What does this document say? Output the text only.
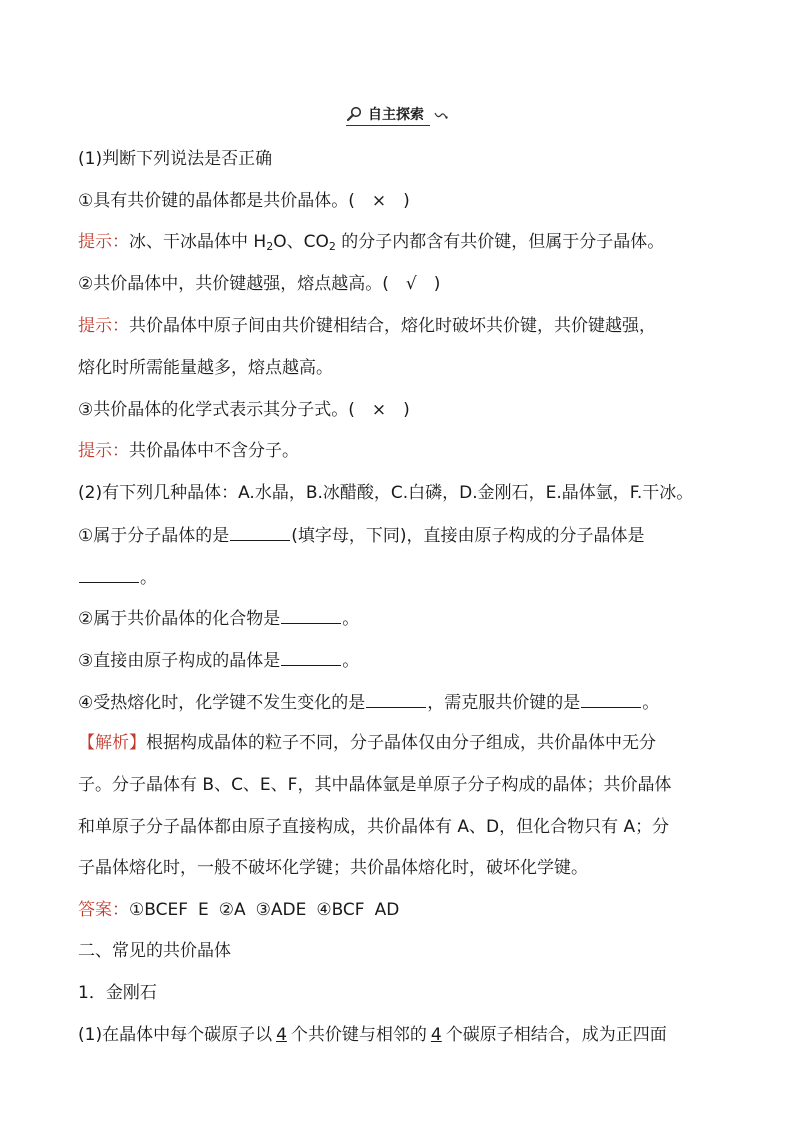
自主探索
(1)判断下列说法是否正确
①具有共价键的晶体都是共价晶体。(　×　)
提示：冰、干冰晶体中 $H_2O$、$CO_2$ 的分子内都含有共价键，但属于分子晶体。
②共价晶体中，共价键越强，熔点越高。(　√　)
提示：共价晶体中原子间由共价键相结合，熔化时破坏共价键，共价键越强，
熔化时所需能量越多，熔点越高。
③共价晶体的化学式表示其分子式。(　×　)
提示：共价晶体中不含分子。
(2)有下列几种晶体：A.水晶，B.冰醋酸，C.白磷，D.金刚石，E.晶体氩，F.干冰。
①属于分子晶体的是	(填字母，下同)，直接由原子构成的分子晶体是
。
②属于共价晶体的化合物是	。
③直接由原子构成的晶体是	。
④受热熔化时，化学键不发生变化的是	，需克服共价键的是	。
【解析】根据构成晶体的粒子不同，分子晶体仅由分子组成，共价晶体中无分
子。分子晶体有 B、C、E、F，其中晶体氩是单原子分子构成的晶体；共价晶体
和单原子分子晶体都由原子直接构成，共价晶体有 A、D，但化合物只有 A；分
子晶体熔化时，一般不破坏化学键；共价晶体熔化时，破坏化学键。
答案：①BCEF E ②A ③ADE ④BCF AD
二、常见的共价晶体
1．金刚石
(1)在晶体中每个碳原子以 4 个共价键与相邻的 4 个碳原子相结合，成为正四面
